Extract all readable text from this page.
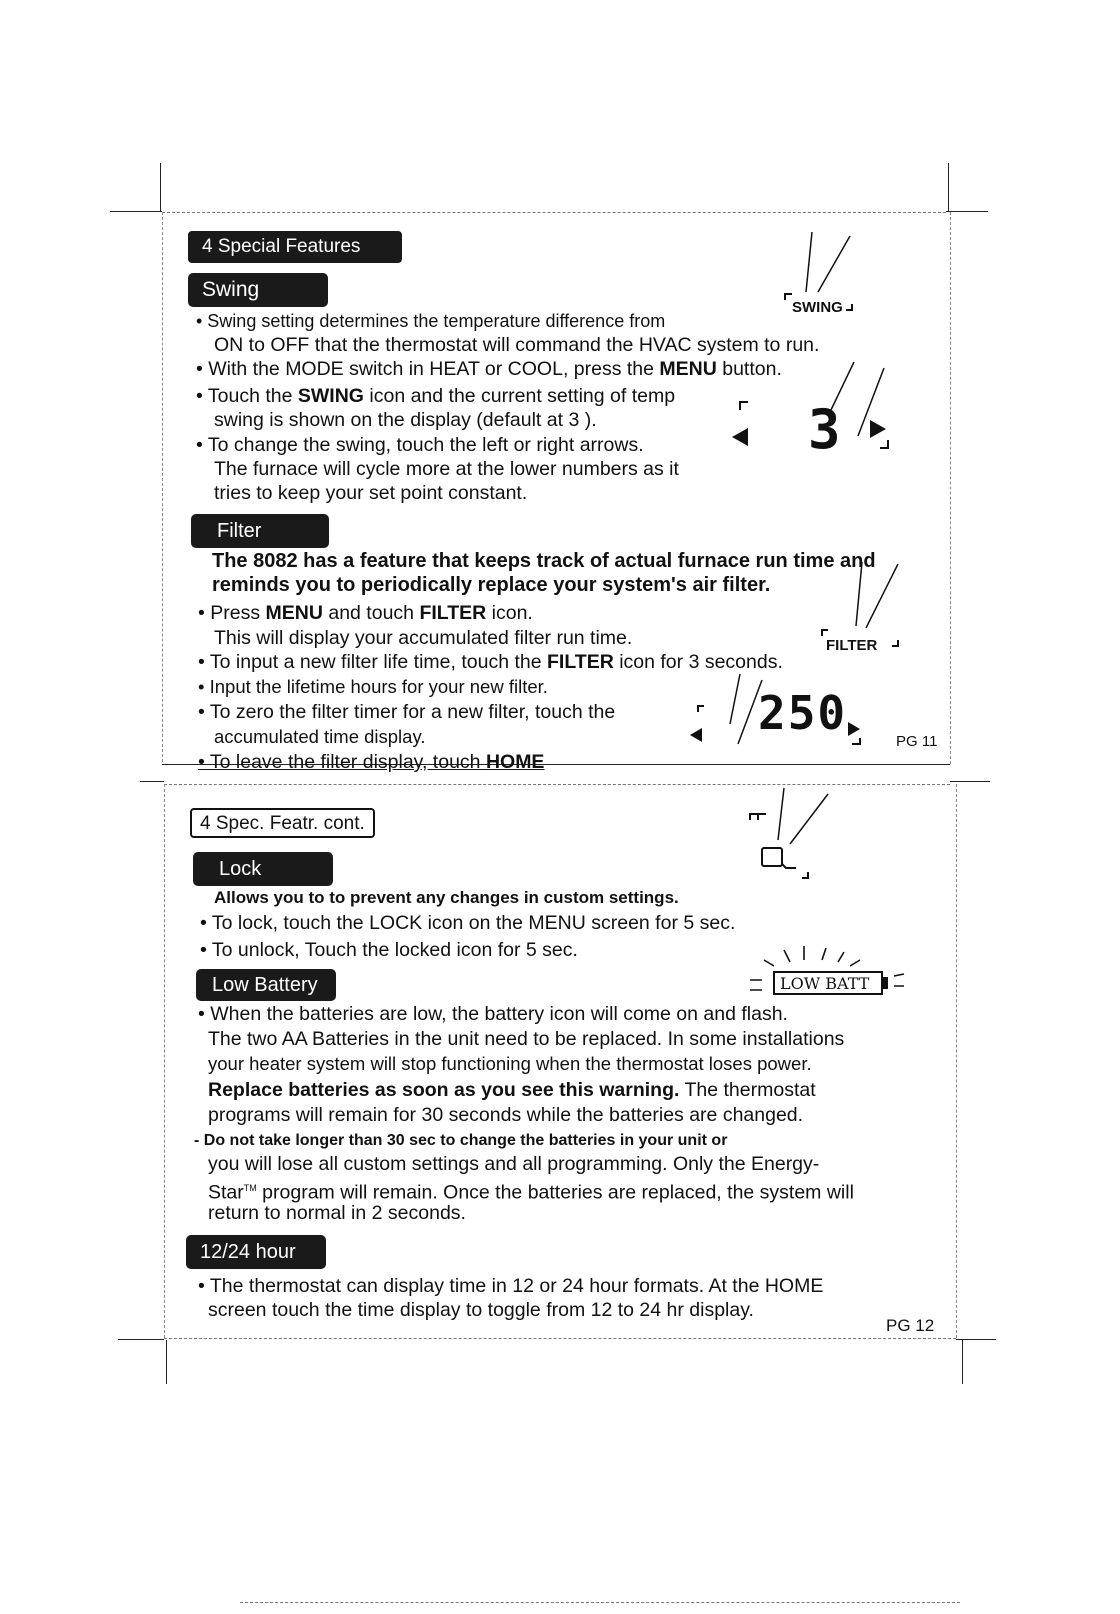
4 Special Features
Swing
SWING
• Swing setting determines the temperature difference from
ON to OFF that the thermostat will command the HVAC system to run.
• With the MODE switch in HEAT or COOL, press the MENU button.
• Touch the SWING icon and the current setting of temp
swing is shown on the display (default at 3 ).
• To change the swing, touch the left or right arrows.
The furnace will cycle more at the lower numbers as it
tries to keep your set point constant.
3
Filter
The 8082 has a feature that keeps track of actual furnace run time and
reminds you to periodically replace your system's air filter.
• Press MENU and touch FILTER icon.
This will display your accumulated filter run time.
• To input a new filter life time, touch the FILTER icon for 3 seconds.
• Input the lifetime hours for your new filter.
• To zero the filter timer for a new filter, touch the
accumulated time display.
• To leave the filter display, touch HOME
FILTER
250
PG 11
4 Spec. Featr. cont.
Lock
Allows you to to prevent any changes in custom settings.
• To lock, touch the LOCK icon on the MENU screen for 5 sec.
• To unlock, Touch the locked icon for 5 sec.
Low Battery	LOW BATT
• When the batteries are low, the battery icon will come on and flash.
The two AA Batteries in the unit need to be replaced. In some installations
your heater system will stop functioning when the thermostat loses power.
Replace batteries as soon as you see this warning. The thermostat
programs will remain for 30 seconds while the batteries are changed.
- Do not take longer than 30 sec to change the batteries in your unit or
you will lose all custom settings and all programming. Only the Energy-
Star™ program will remain. Once the batteries are replaced, the system will
return to normal in 2 seconds.
12/24 hour
• The thermostat can display time in 12 or 24 hour formats. At the HOME
screen touch the time display to toggle from 12 to 24 hr display.
PG 12
